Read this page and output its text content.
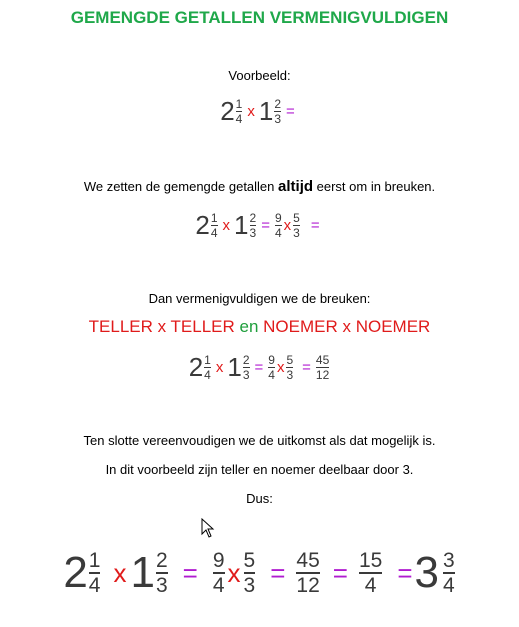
GEMENGDE GETALLEN VERMENIGVULDIGEN
Voorbeeld:
$2 \frac{1}{4}$ x $1 \frac{2}{3}$ =
We zetten de gemengde getallen altijd eerst om in breuken.
$2 \frac{1}{4}$ x $1 \frac{2}{3} = \frac{9}{4}$ x $\frac{5}{3}$ =
Dan vermenigvuldigen we de breuken:
TELLER x TELLER en NOEMER x NOEMER
$2 \frac{1}{4}$ x $1 \frac{2}{3} = \frac{9}{4}$ x $\frac{5}{3} = \frac{45}{12}$
Ten slotte vereenvoudigen we de uitkomst als dat mogelijk is.
In dit voorbeeld zijn teller en noemer deelbaar door 3.
Dus:
$2 \frac{1}{4}$ x $1 \frac{2}{3} = \frac{9}{4}$ x $\frac{5}{3} = \frac{45}{12} = \frac{15}{4} = 3 \frac{3}{4}$
